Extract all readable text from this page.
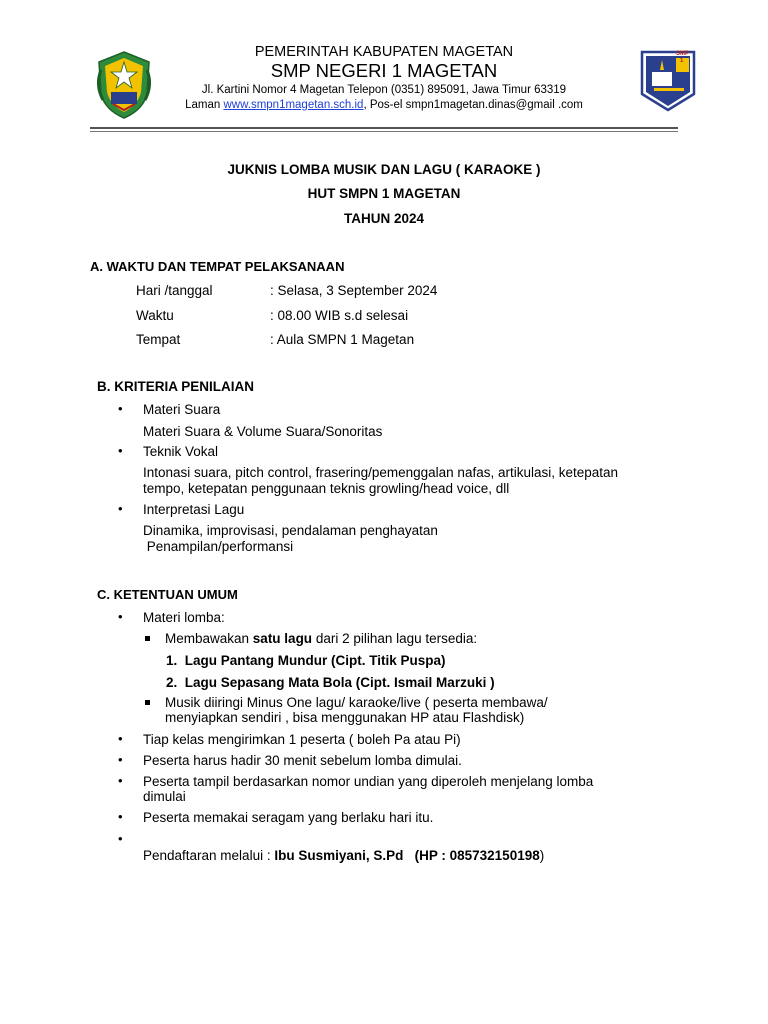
SMP
1
PEMERINTAH KABUPATEN MAGETAN
SMP NEGERI 1 MAGETAN
Jl. Kartini Nomor 4 Magetan Telepon (0351) 895091, Jawa Timur 63319
Laman www.smpn1magetan.sch.id, Pos-el smpn1magetan.dinas@gmail .com
JUKNIS LOMBA MUSIK DAN LAGU ( KARAOKE )
HUT SMPN 1 MAGETAN
TAHUN 2024
A. WAKTU DAN TEMPAT PELAKSANAAN
Hari /tanggal	: Selasa, 3 September 2024
Waktu	: 08.00 WIB s.d selesai
Tempat	: Aula SMPN 1 Magetan
B. KRITERIA PENILAIAN
• Materi Suara
Materi Suara & Volume Suara/Sonoritas
• Teknik Vokal
Intonasi suara, pitch control, frasering/pemenggalan nafas, artikulasi, ketepatan
tempo, ketepatan penggunaan teknis growling/head voice, dll
• Interpretasi Lagu
Dinamika, improvisasi, pendalaman penghayatan
Penampilan/performansi
C. KETENTUAN UMUM
• Materi lomba:
Membawakan satu lagu dari 2 pilihan lagu tersedia:
1.  Lagu Pantang Mundur (Cipt. Titik Puspa)
2.  Lagu Sepasang Mata Bola (Cipt. Ismail Marzuki )
Musik diiringi Minus One lagu/ karaoke/live ( peserta membawa/
menyiapkan sendiri , bisa menggunakan HP atau Flashdisk)
• Tiap kelas mengirimkan 1 peserta ( boleh Pa atau Pi)
• Peserta harus hadir 30 menit sebelum lomba dimulai.
• Peserta tampil berdasarkan nomor undian yang diperoleh menjelang lomba
dimulai
• Peserta memakai seragam yang berlaku hari itu.
•

Pendaftaran melalui : Ibu Susmiyani, S.Pd   (HP : 085732150198)
